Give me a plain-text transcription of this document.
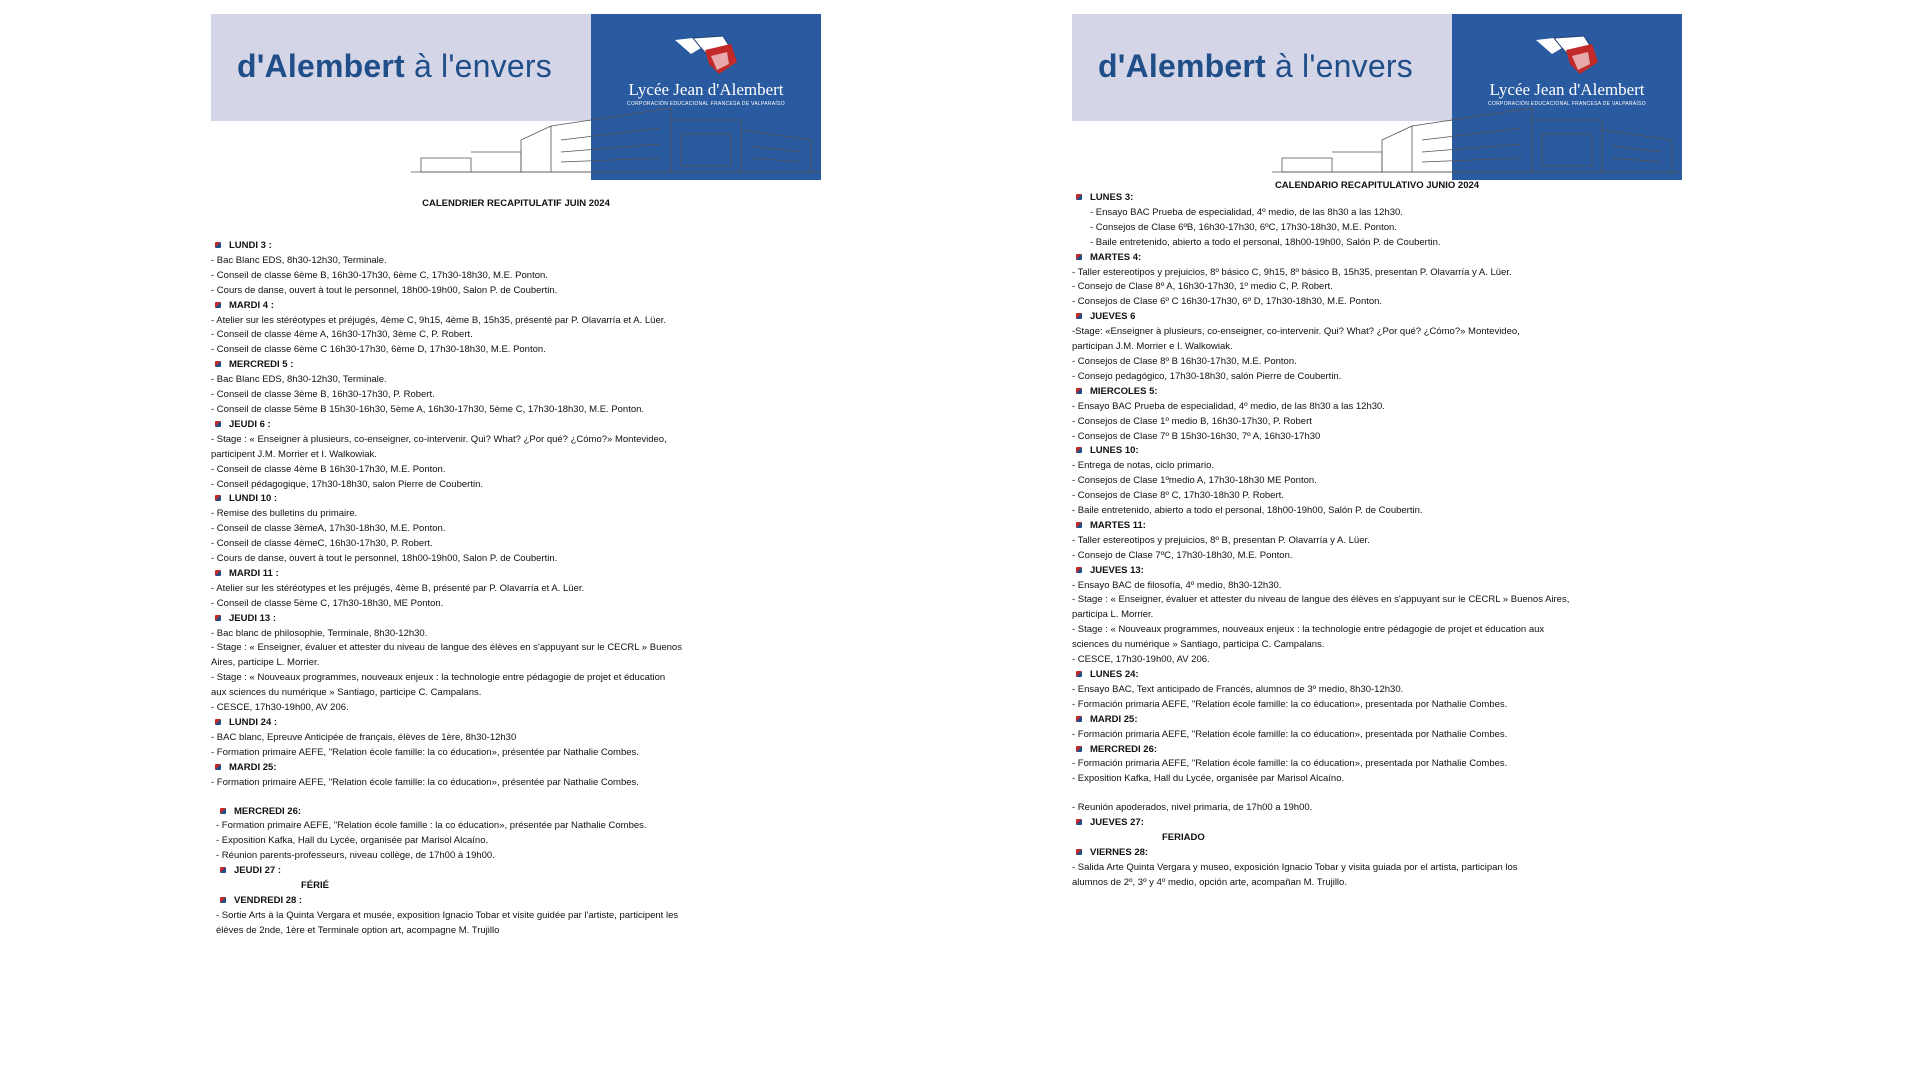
d'Alembert à l'envers
Lycée Jean d'Alembert
CORPORACIÓN EDUCACIONAL FRANCESA DE VALPARAÍSO
CALENDRIER RECAPITULATIF JUIN 2024
LUNDI 3 :
- Bac Blanc EDS, 8h30-12h30, Terminale.
- Conseil de classe 6ème B, 16h30-17h30, 6ème C, 17h30-18h30, M.E. Ponton.
- Cours de danse, ouvert à tout le personnel, 18h00-19h00, Salon P. de Coubertin.
MARDI 4 :
- Atelier sur les stéréotypes et préjugés, 4ème C, 9h15, 4ème B, 15h35, présenté par P. Olavarría et A. Lüer.
- Conseil de classe 4ème A, 16h30-17h30, 3ème C, P. Robert.
- Conseil de classe 6ème C 16h30-17h30, 6ème D, 17h30-18h30, M.E. Ponton.
MERCREDI 5 :
- Bac Blanc EDS, 8h30-12h30, Terminale.
- Conseil de classe 3ème B, 16h30-17h30, P. Robert.
- Conseil de classe 5ème B 15h30-16h30, 5ème A, 16h30-17h30, 5ème C, 17h30-18h30, M.E. Ponton.
JEUDI 6 :
- Stage : « Enseigner à plusieurs, co-enseigner, co-intervenir. Qui? What? ¿Por qué? ¿Cómo?» Montevideo,
participent J.M. Morrier et I. Walkowiak.
- Conseil de classe 4ème B 16h30-17h30, M.E. Ponton.
- Conseil pédagogique, 17h30-18h30, salon Pierre de Coubertin.
LUNDI 10 :
- Remise des bulletins du primaire.
- Conseil de classe 3èmeA, 17h30-18h30, M.E. Ponton.
- Conseil de classe 4èmeC, 16h30-17h30, P. Robert.
- Cours de danse, ouvert à tout le personnel, 18h00-19h00, Salon P. de Coubertin.
MARDI 11 :
- Atelier sur les stéréotypes et les préjugés, 4ème B, présenté par P. Olavarría et A. Lüer.
- Conseil de classe 5ème C, 17h30-18h30, ME Ponton.
JEUDI 13 :
- Bac blanc de philosophie, Terminale, 8h30-12h30.
- Stage : « Enseigner, évaluer et attester du niveau de langue des élèves en s'appuyant sur le CECRL » Buenos
Aires, participe L. Morrier.
- Stage : « Nouveaux programmes, nouveaux enjeux : la technologie entre pédagogie de projet et éducation
aux sciences du numérique » Santiago, participe C. Campalans.
- CESCE, 17h30-19h00, AV 206.
LUNDI 24 :
- BAC blanc, Epreuve Anticipée de français, élèves de 1ère, 8h30-12h30
- Formation primaire AEFE, "Relation école famille: la co éducation», présentée par Nathalie Combes.
MARDI 25:
- Formation primaire AEFE, "Relation école famille: la co éducation», présentée par Nathalie Combes.
MERCREDI 26:
- Formation primaire AEFE, "Relation école famille : la co éducation», présentée par Nathalie Combes.
- Exposition Kafka, Hall du Lycée, organisée par Marisol Alcaíno.
- Réunion parents-professeurs, niveau collège, de 17h00 à 19h00.
JEUDI 27 :
FÉRIÉ
VENDREDI 28 :
- Sortie Arts à la Quinta Vergara et musée, exposition Ignacio Tobar et visite guidée par l'artiste, participent les
élèves de 2nde, 1ère et Terminale option art, acompagne M. Trujillo
d'Alembert à l'envers
Lycée Jean d'Alembert
CORPORACIÓN EDUCACIONAL FRANCESA DE VALPARAÍSO
CALENDARIO RECAPITULATIVO JUNIO 2024
LUNES 3:
- Ensayo BAC Prueba de especialidad, 4º medio, de las 8h30 a las 12h30.
- Consejos de Clase 6ºB, 16h30-17h30, 6ºC, 17h30-18h30, M.E. Ponton.
- Baile entretenido, abierto a todo el personal, 18h00-19h00, Salón P. de Coubertin.
MARTES 4:
- Taller estereotipos y prejuicios, 8º básico C, 9h15, 8º básico B, 15h35, presentan P. Olavarría y A. Lüer.
- Consejo de Clase 8º A, 16h30-17h30, 1º medio C, P. Robert.
- Consejos de Clase 6º C 16h30-17h30, 6º D, 17h30-18h30, M.E. Ponton.
JUEVES 6
-Stage: «Enseigner à plusieurs, co-enseigner, co-intervenir. Qui? What? ¿Por qué? ¿Cómo?» Montevideo,
participan J.M. Morrier e I. Walkowiak.
- Consejos de Clase 8º B 16h30-17h30, M.E. Ponton.
- Consejo pedagógico, 17h30-18h30, salón Pierre de Coubertin.
MIERCOLES 5:
- Ensayo BAC Prueba de especialidad, 4º medio, de las 8h30 a las 12h30.
- Consejos de Clase 1º medio B, 16h30-17h30, P. Robert
- Consejos de Clase 7º B 15h30-16h30, 7º A, 16h30-17h30
LUNES 10:
- Entrega de notas, ciclo primario.
- Consejos de Clase 1ºmedio A, 17h30-18h30 ME Ponton.
- Consejos de Clase 8º C, 17h30-18h30 P. Robert.
- Baile entretenido, abierto a todo el personal, 18h00-19h00, Salón P. de Coubertin.
MARTES 11:
- Taller estereotipos y prejuicios, 8º B, presentan P. Olavarría y A. Lüer.
- Consejo de Clase 7ºC, 17h30-18h30, M.E. Ponton.
JUEVES 13:
- Ensayo BAC de filosofía, 4º medio, 8h30-12h30.
- Stage : « Enseigner, évaluer et attester du niveau de langue des élèves en s'appuyant sur le CECRL » Buenos Aires,
participa L. Morrier.
- Stage : « Nouveaux programmes, nouveaux enjeux : la technologie entre pédagogie de projet et éducation aux
sciences du numérique » Santiago, participa C. Campalans.
- CESCE, 17h30-19h00, AV 206.
LUNES 24:
- Ensayo BAC, Text anticipado de Francés, alumnos de 3º medio, 8h30-12h30.
- Formación primaria AEFE, "Relation école famille: la co éducation», presentada por Nathalie Combes.
MARDI 25:
- Formación primaria AEFE, "Relation école famille: la co éducation», presentada por Nathalie Combes.
MERCREDI 26:
- Formación primaria AEFE, "Relation école famille: la co éducation», presentada por Nathalie Combes.
- Exposition Kafka, Hall du Lycée, organisée par Marisol Alcaíno.
- Reunión apoderados, nivel primaria, de 17h00 a 19h00.
JUEVES 27:
FERIADO
VIERNES 28:
- Salida Arte Quinta Vergara y museo, exposición Ignacio Tobar y visita guiada por el artista, participan los
alumnos de 2º, 3º y 4º medio, opción arte, acompañan M. Trujillo.
